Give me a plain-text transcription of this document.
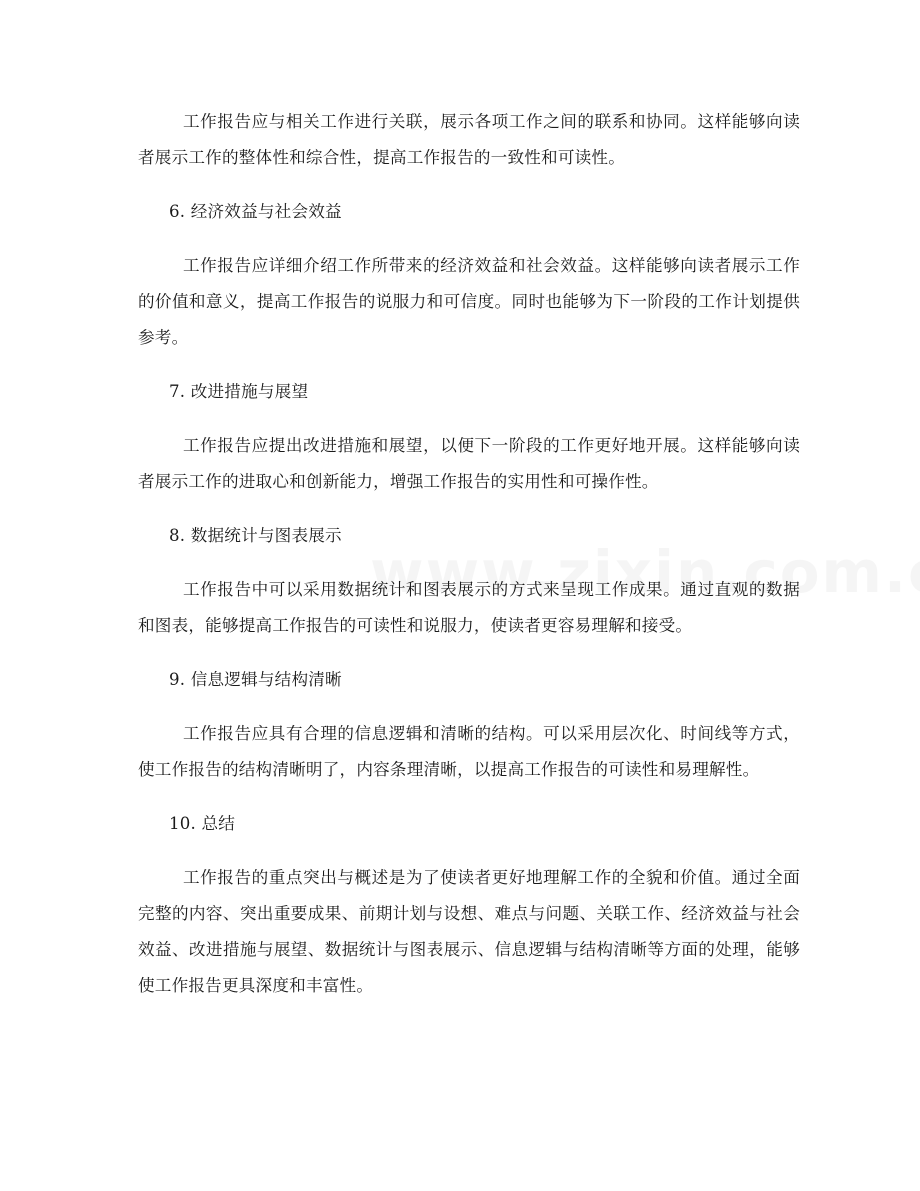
工作报告应与相关工作进行关联，展示各项工作之间的联系和协同。这样能够向读者展示工作的整体性和综合性，提高工作报告的一致性和可读性。

6. 经济效益与社会效益

工作报告应详细介绍工作所带来的经济效益和社会效益。这样能够向读者展示工作的价值和意义，提高工作报告的说服力和可信度。同时也能够为下一阶段的工作计划提供参考。

7. 改进措施与展望

工作报告应提出改进措施和展望，以便下一阶段的工作更好地开展。这样能够向读者展示工作的进取心和创新能力，增强工作报告的实用性和可操作性。

8. 数据统计与图表展示

工作报告中可以采用数据统计和图表展示的方式来呈现工作成果。通过直观的数据和图表，能够提高工作报告的可读性和说服力，使读者更容易理解和接受。

9. 信息逻辑与结构清晰

工作报告应具有合理的信息逻辑和清晰的结构。可以采用层次化、时间线等方式，使工作报告的结构清晰明了，内容条理清晰，以提高工作报告的可读性和易理解性。

10. 总结

工作报告的重点突出与概述是为了使读者更好地理解工作的全貌和价值。通过全面完整的内容、突出重要成果、前期计划与设想、难点与问题、关联工作、经济效益与社会效益、改进措施与展望、数据统计与图表展示、信息逻辑与结构清晰等方面的处理，能够使工作报告更具深度和丰富性。
